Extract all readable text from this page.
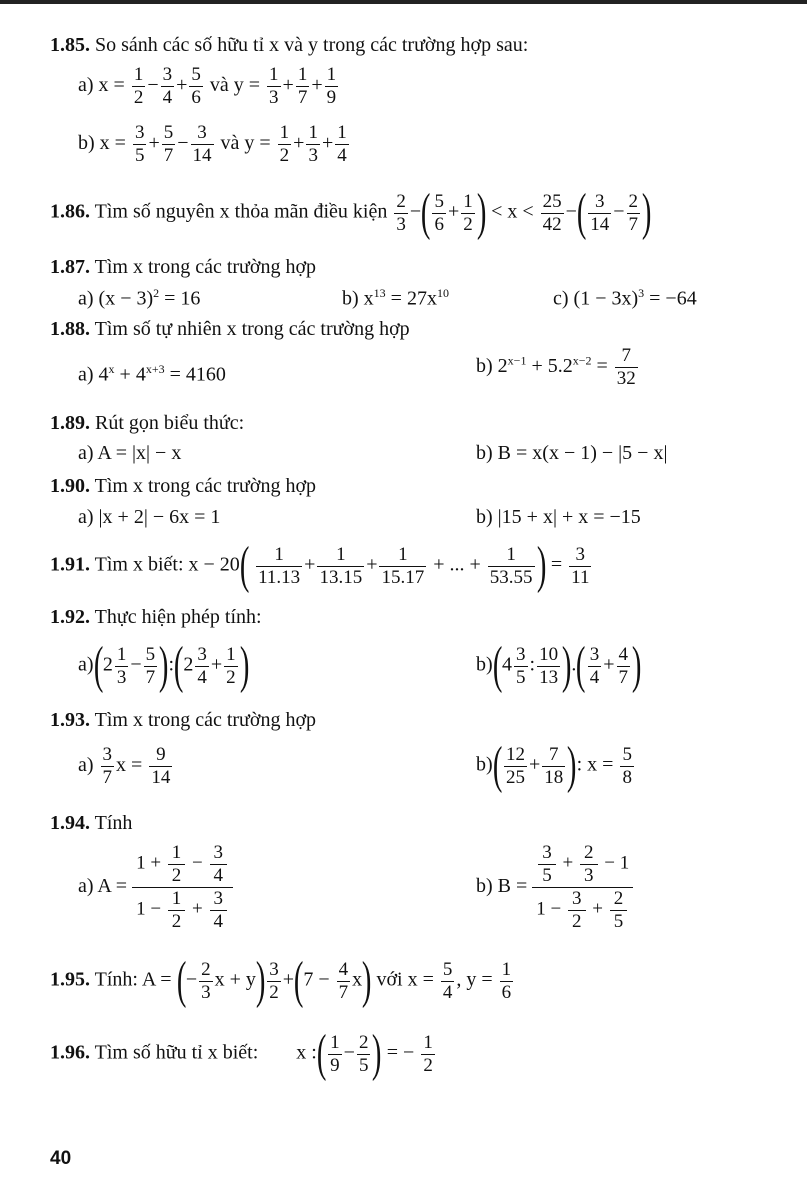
1.85. So sánh các số hữu tỉ x và y trong các trường hợp sau:
a) $x = \frac{1}{2} - \frac{3}{4} + \frac{5}{6}$ và $y = \frac{1}{3} + \frac{1}{7} + \frac{1}{9}$
b) $x = \frac{3}{5} + \frac{5}{7} - \frac{3}{14}$ và $y = \frac{1}{2} + \frac{1}{3} + \frac{1}{4}$
1.86. Tìm số nguyên x thỏa mãn điều kiện $\frac{2}{3}$ −( $\frac{5}{6} + \frac{1}{2}$ ) < $x < \frac{25}{42}$ −( $\frac{3}{14} - \frac{2}{7}$ )
1.87. Tìm x trong các trường hợp
a) $(x - 3)^2 = 16$	b) $x^{13} = 27x^{10}$	c) $(1 - 3x)^3 = -64$
1.88. Tìm số tự nhiên x trong các trường hợp
a) $4^x + 4^{x+3} = 4160$	b) $2^{x-1} + 5.2^{x-2} = \frac{7}{32}$
1.89. Rút gọn biểu thức:
a) A = |x| − x	b) B = x(x − 1) − |5 − x|
1.90. Tìm x trong các trường hợp
a) |x + 2| − 6x = 1	b) |15 + x| + x = −15
1.91. Tìm x biết: $x - 20( \frac{1}{11.13} + \frac{1}{13.15} + \frac{1}{15.17}$ + ... + $\frac{1}{53.55}$ ) = $\frac{3}{11}$
1.92. Thực hiện phép tính:
$a)(2 \frac{1}{3} - \frac{5}{7}$ ):(2 $\frac{3}{4} + \frac{1}{2}$ )	$b)(4 \frac{3}{5}$ : $\frac{10}{13}$ ).( $\frac{3}{4} + \frac{4}{7}$ )
1.93. Tìm x trong các trường hợp
$a) \frac{3}{7}$ $x = \frac{9}{14}$	$b)( \frac{12}{25} + \frac{7}{18}$ ): $x = \frac{5}{8}$
1.94. Tính
a) $A = \frac{1 + \frac{1}{2} - \frac{3}{4}}{1 - \frac{1}{2} + \frac{3}{4}}$	b) $B = \frac{\frac{3}{5} + \frac{2}{3} - 1}{1 - \frac{3}{2} + \frac{2}{5}}$
1.95. Tính: A = (− $\frac{2}{3}$ $x + y) \frac{3}{2} +(7 - \frac{4}{7} x)$ với $x = \frac{5}{4}$ , $y = \frac{1}{6}$
1.96. Tìm số hữu tỉ x biết: x :( $\frac{1}{9} - \frac{2}{5}$ ) = − $\frac{1}{2}$
40
